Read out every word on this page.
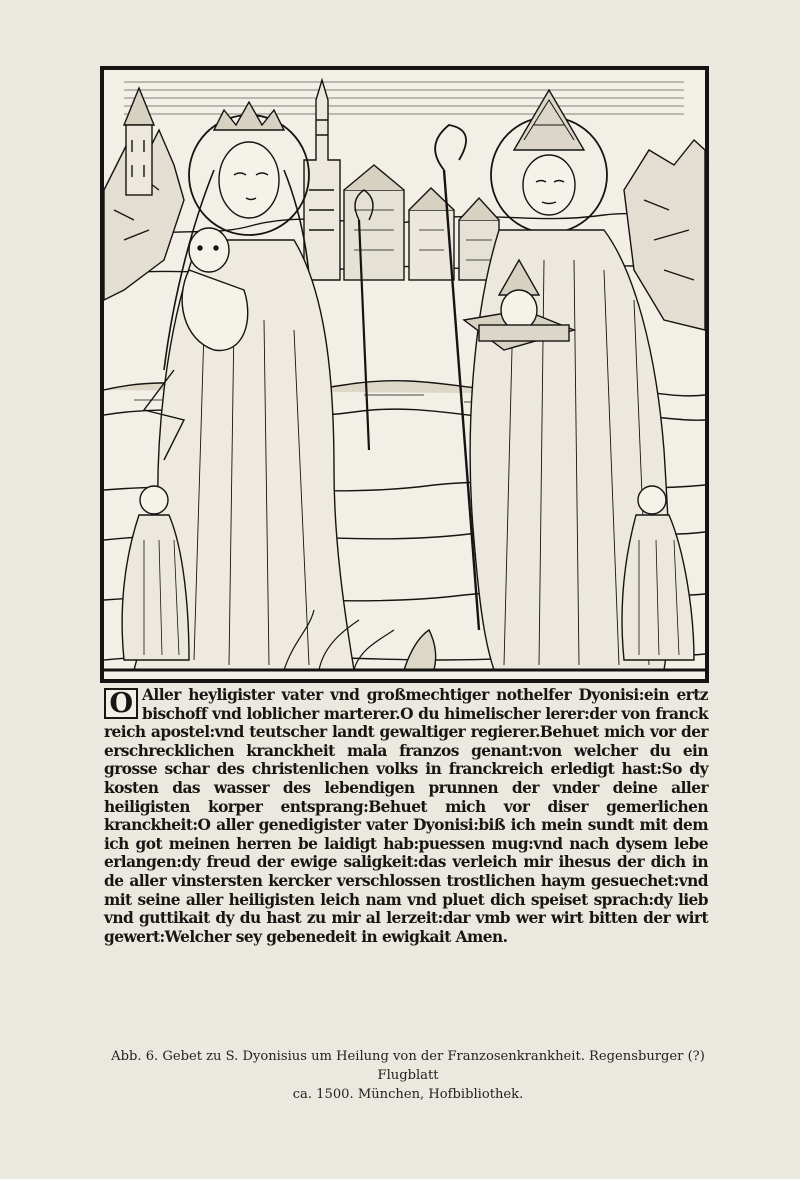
O Aller heyligister vater vnd großmechtiger nothelfer Dyonisi:ein ertz bischoff vnd loblicher marterer.O du himelischer lerer:der von franck reich apostel:vnd teutscher landt gewaltiger regierer.Behuet mich vor der erschrecklichen kranckheit mala franzos genant:von welcher du ein grosse schar des christenlichen volks in franckreich erledigt hast:So dy kosten das wasser des lebendigen prunnen der vnder deine aller heiligisten korper entsprang:Behuet mich vor diser gemerlichen kranckheit:O aller genedigister vater Dyonisi:biß ich mein sundt mit dem ich got meinen herren be laidigt hab:puessen mug:vnd nach dysem lebe erlangen:dy freud der ewige saligkeit:das verleich mir ihesus der dich in de aller vinstersten kercker verschlossen trostlichen haym gesuechet:vnd mit seine aller heiligisten leich nam vnd pluet dich speiset sprach:dy lieb vnd guttikait dy du hast zu mir al lerzeit:dar vmb wer wirt bitten der wirt gewert:Welcher sey gebenedeit in ewigkait Amen.
Abb. 6. Gebet zu S. Dyonisius um Heilung von der Franzosenkrankheit. Regensburger (?) Flugblatt
ca. 1500. München, Hofbibliothek.
